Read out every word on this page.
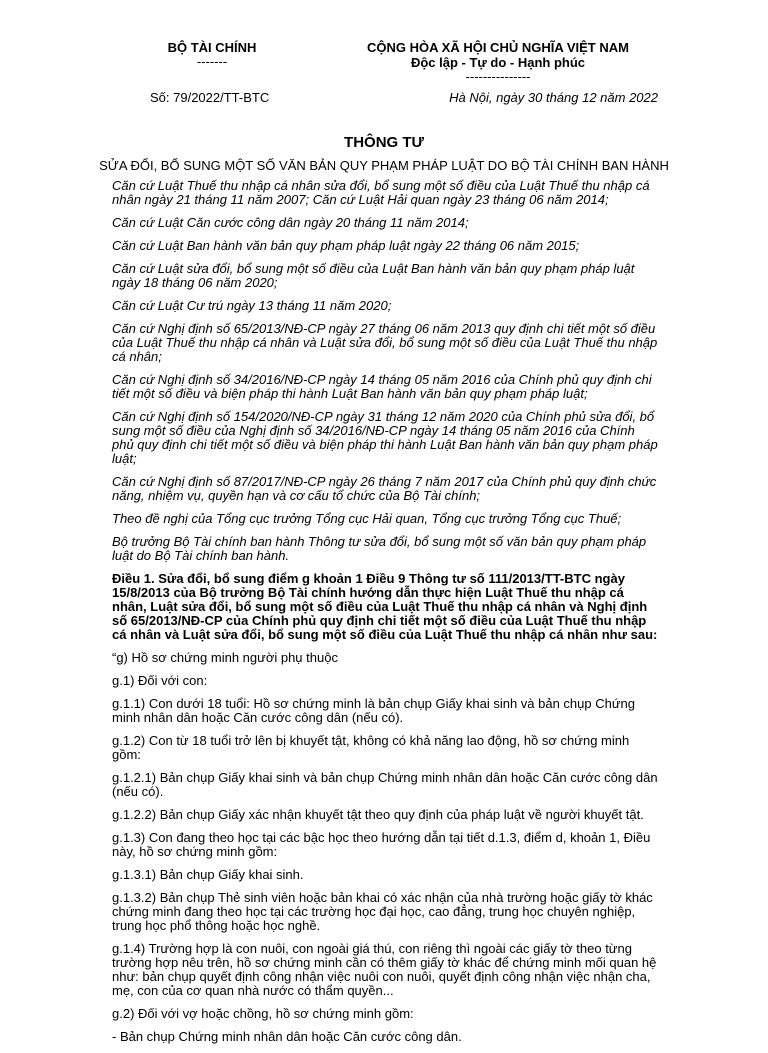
BỘ TÀI CHÍNH
-------
CỘNG HÒA XÃ HỘI CHỦ NGHĨA VIỆT NAM
Độc lập - Tự do - Hạnh phúc
---------------
Số: 79/2022/TT-BTC	Hà Nội, ngày 30 tháng 12 năm 2022
THÔNG TƯ
SỬA ĐỔI, BỔ SUNG MỘT SỐ VĂN BẢN QUY PHẠM PHÁP LUẬT DO BỘ TÀI CHÍNH BAN HÀNH

Căn cứ Luật Thuế thu nhập cá nhân sửa đổi, bổ sung một số điều của Luật Thuế thu nhập cá nhân ngày 21 tháng 11 năm 2007; Căn cứ Luật Hải quan ngày 23 tháng 06 năm 2014;

Căn cứ Luật Căn cước công dân ngày 20 tháng 11 năm 2014;

Căn cứ Luật Ban hành văn bản quy phạm pháp luật ngày 22 tháng 06 năm 2015;

Căn cứ Luật sửa đổi, bổ sung một số điều của Luật Ban hành văn bản quy phạm pháp luật ngày 18 tháng 06 năm 2020;

Căn cứ Luật Cư trú ngày 13 tháng 11 năm 2020;

Căn cứ Nghị định số 65/2013/NĐ-CP ngày 27 tháng 06 năm 2013 quy định chi tiết một số điều của Luật Thuế thu nhập cá nhân và Luật sửa đổi, bổ sung một số điều của Luật Thuế thu nhập cá nhân;

Căn cứ Nghị định số 34/2016/NĐ-CP ngày 14 tháng 05 năm 2016 của Chính phủ quy định chi tiết một số điều và biện pháp thi hành Luật Ban hành văn bản quy phạm pháp luật;

Căn cứ Nghị định số 154/2020/NĐ-CP ngày 31 tháng 12 năm 2020 của Chính phủ sửa đổi, bổ sung một số điều của Nghị định số 34/2016/NĐ-CP ngày 14 tháng 05 năm 2016 của Chính phủ quy định chi tiết một số điều và biện pháp thi hành Luật Ban hành văn bản quy phạm pháp luật;

Căn cứ Nghị định số 87/2017/NĐ-CP ngày 26 tháng 7 năm 2017 của Chính phủ quy định chức năng, nhiệm vụ, quyền hạn và cơ cấu tổ chức của Bộ Tài chính;

Theo đề nghị của Tổng cục trưởng Tổng cục Hải quan, Tổng cục trưởng Tổng cục Thuế;

Bộ trưởng Bộ Tài chính ban hành Thông tư sửa đổi, bổ sung một số văn bản quy phạm pháp luật do Bộ Tài chính ban hành.

Điều 1. Sửa đổi, bổ sung điểm g khoản 1 Điều 9 Thông tư số 111/2013/TT-BTC ngày 15/8/2013 của Bộ trưởng Bộ Tài chính hướng dẫn thực hiện Luật Thuế thu nhập cá nhân, Luật sửa đổi, bổ sung một số điều của Luật Thuế thu nhập cá nhân và Nghị định số 65/2013/NĐ-CP của Chính phủ quy định chi tiết một số điều của Luật Thuế thu nhập cá nhân và Luật sửa đổi, bổ sung một số điều của Luật Thuế thu nhập cá nhân như sau:

“g) Hồ sơ chứng minh người phụ thuộc

g.1) Đối với con:

g.1.1) Con dưới 18 tuổi: Hồ sơ chứng minh là bản chụp Giấy khai sinh và bản chụp Chứng minh nhân dân hoặc Căn cước công dân (nếu có).

g.1.2) Con từ 18 tuổi trở lên bị khuyết tật, không có khả năng lao động, hồ sơ chứng minh gồm:

g.1.2.1) Bản chụp Giấy khai sinh và bản chụp Chứng minh nhân dân hoặc Căn cước công dân (nếu có).

g.1.2.2) Bản chụp Giấy xác nhận khuyết tật theo quy định của pháp luật về người khuyết tật.

g.1.3) Con đang theo học tại các bậc học theo hướng dẫn tại tiết d.1.3, điểm d, khoản 1, Điều này, hồ sơ chứng minh gồm:

g.1.3.1) Bản chụp Giấy khai sinh.

g.1.3.2) Bản chụp Thẻ sinh viên hoặc bản khai có xác nhận của nhà trường hoặc giấy tờ khác chứng minh đang theo học tại các trường học đại học, cao đẳng, trung học chuyên nghiệp, trung học phổ thông hoặc học nghề.

g.1.4) Trường hợp là con nuôi, con ngoài giá thú, con riêng thì ngoài các giấy tờ theo từng trường hợp nêu trên, hồ sơ chứng minh cần có thêm giấy tờ khác để chứng minh mối quan hệ như: bản chụp quyết định công nhận việc nuôi con nuôi, quyết định công nhận việc nhận cha, mẹ, con của cơ quan nhà nước có thẩm quyền...

g.2) Đối với vợ hoặc chồng, hồ sơ chứng minh gồm:

- Bản chụp Chứng minh nhân dân hoặc Căn cước công dân.
